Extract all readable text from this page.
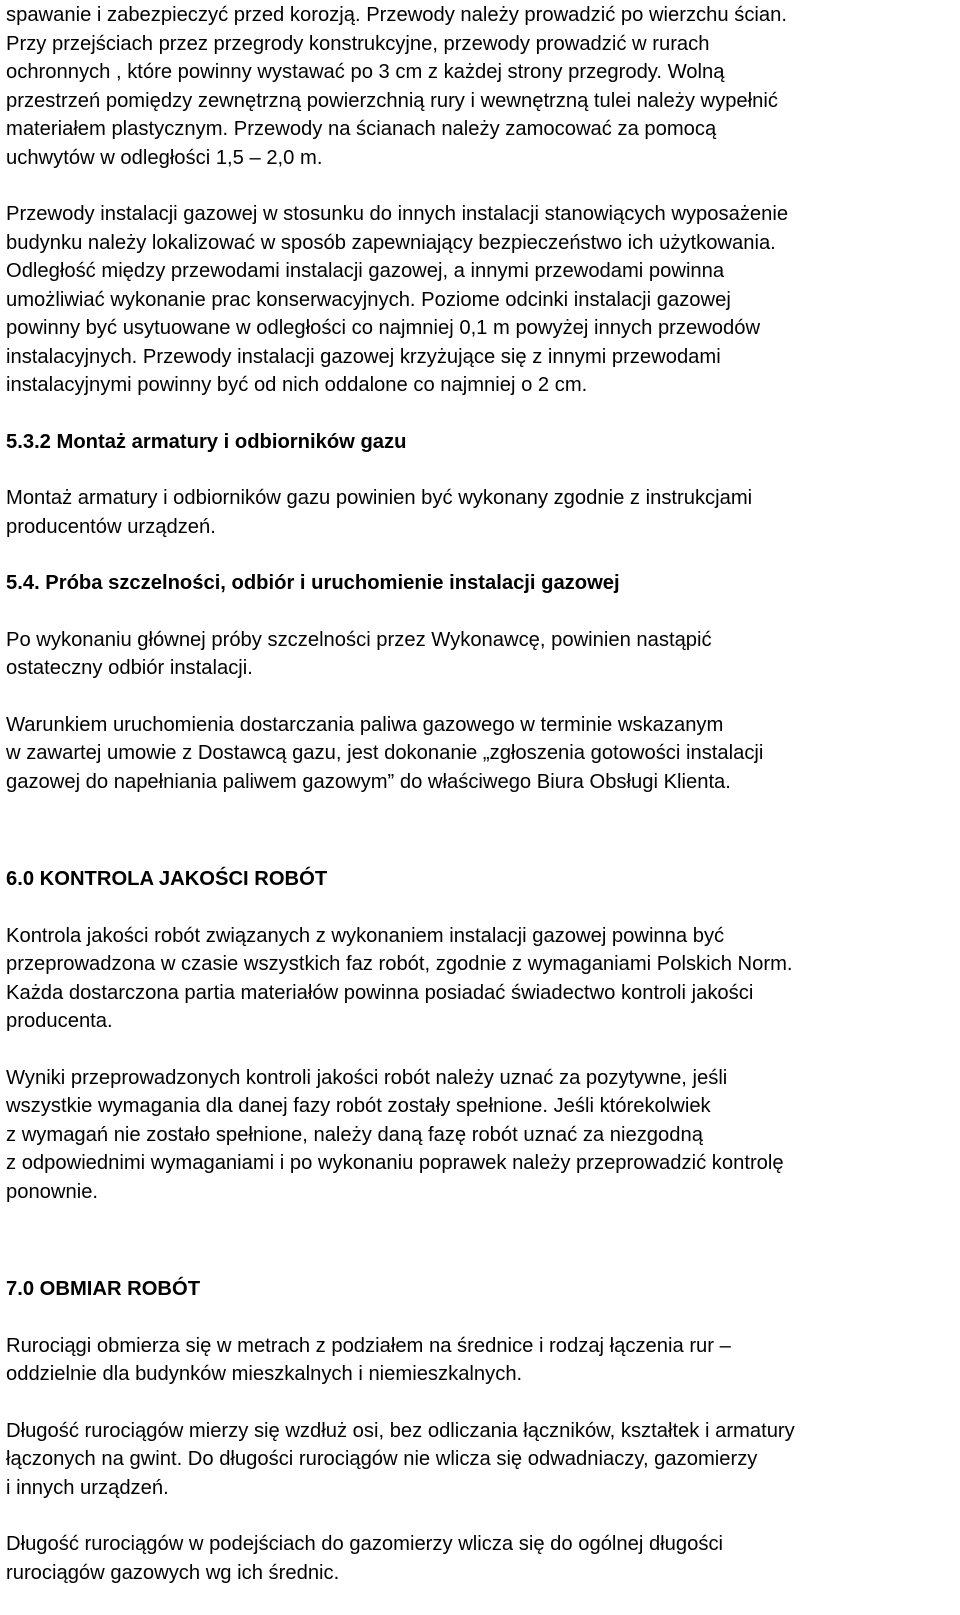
spawanie i zabezpieczyć przed korozją. Przewody należy prowadzić po wierzchu ścian.
Przy przejściach przez przegrody konstrukcyjne, przewody prowadzić w rurach
ochronnych , które powinny wystawać po 3 cm z każdej strony przegrody. Wolną
przestrzeń pomiędzy zewnętrzną powierzchnią rury i wewnętrzną tulei należy wypełnić
materiałem plastycznym. Przewody na ścianach należy zamocować za pomocą
uchwytów w odległości 1,5 – 2,0 m.
Przewody instalacji gazowej w stosunku do innych instalacji stanowiących wyposażenie
budynku należy lokalizować w sposób zapewniający bezpieczeństwo ich użytkowania.
Odległość między przewodami instalacji gazowej, a innymi przewodami powinna
umożliwiać wykonanie prac konserwacyjnych. Poziome odcinki instalacji gazowej
powinny być usytuowane w odległości co najmniej 0,1 m powyżej innych przewodów
instalacyjnych. Przewody instalacji gazowej krzyżujące się z innymi przewodami
instalacyjnymi powinny być od nich oddalone co najmniej o 2 cm.
5.3.2 Montaż armatury i odbiorników gazu
Montaż armatury i odbiorników gazu powinien być wykonany zgodnie z instrukcjami
producentów urządzeń.
5.4. Próba szczelności, odbiór i uruchomienie instalacji gazowej
Po wykonaniu głównej próby szczelności przez Wykonawcę, powinien nastąpić
ostateczny odbiór instalacji.
Warunkiem uruchomienia dostarczania paliwa gazowego w terminie wskazanym
w zawartej umowie z Dostawcą gazu, jest dokonanie „zgłoszenia gotowości instalacji
gazowej do napełniania paliwem gazowym” do właściwego Biura Obsługi Klienta.
6.0 KONTROLA JAKOŚCI ROBÓT
Kontrola jakości robót związanych z wykonaniem instalacji gazowej powinna być
przeprowadzona w czasie wszystkich faz robót, zgodnie z wymaganiami Polskich Norm.
Każda dostarczona partia materiałów powinna posiadać świadectwo kontroli jakości
producenta.
Wyniki przeprowadzonych kontroli jakości robót należy uznać za pozytywne, jeśli
wszystkie wymagania dla danej fazy robót zostały spełnione. Jeśli którekolwiek
z wymagań nie zostało spełnione, należy daną fazę robót uznać za niezgodną
z odpowiednimi wymaganiami i po wykonaniu poprawek należy przeprowadzić kontrolę
ponownie.
7.0 OBMIAR ROBÓT
Rurociągi obmierza się w metrach z podziałem na średnice i rodzaj łączenia rur –
oddzielnie dla budynków mieszkalnych i niemieszkalnych.
Długość rurociągów mierzy się wzdłuż osi, bez odliczania łączników, kształtek i armatury
łączonych na gwint. Do długości rurociągów nie wlicza się odwadniaczy, gazomierzy
i innych urządzeń.
Długość rurociągów w podejściach do gazomierzy wlicza się do ogólnej długości
rurociągów gazowych wg ich średnic.
